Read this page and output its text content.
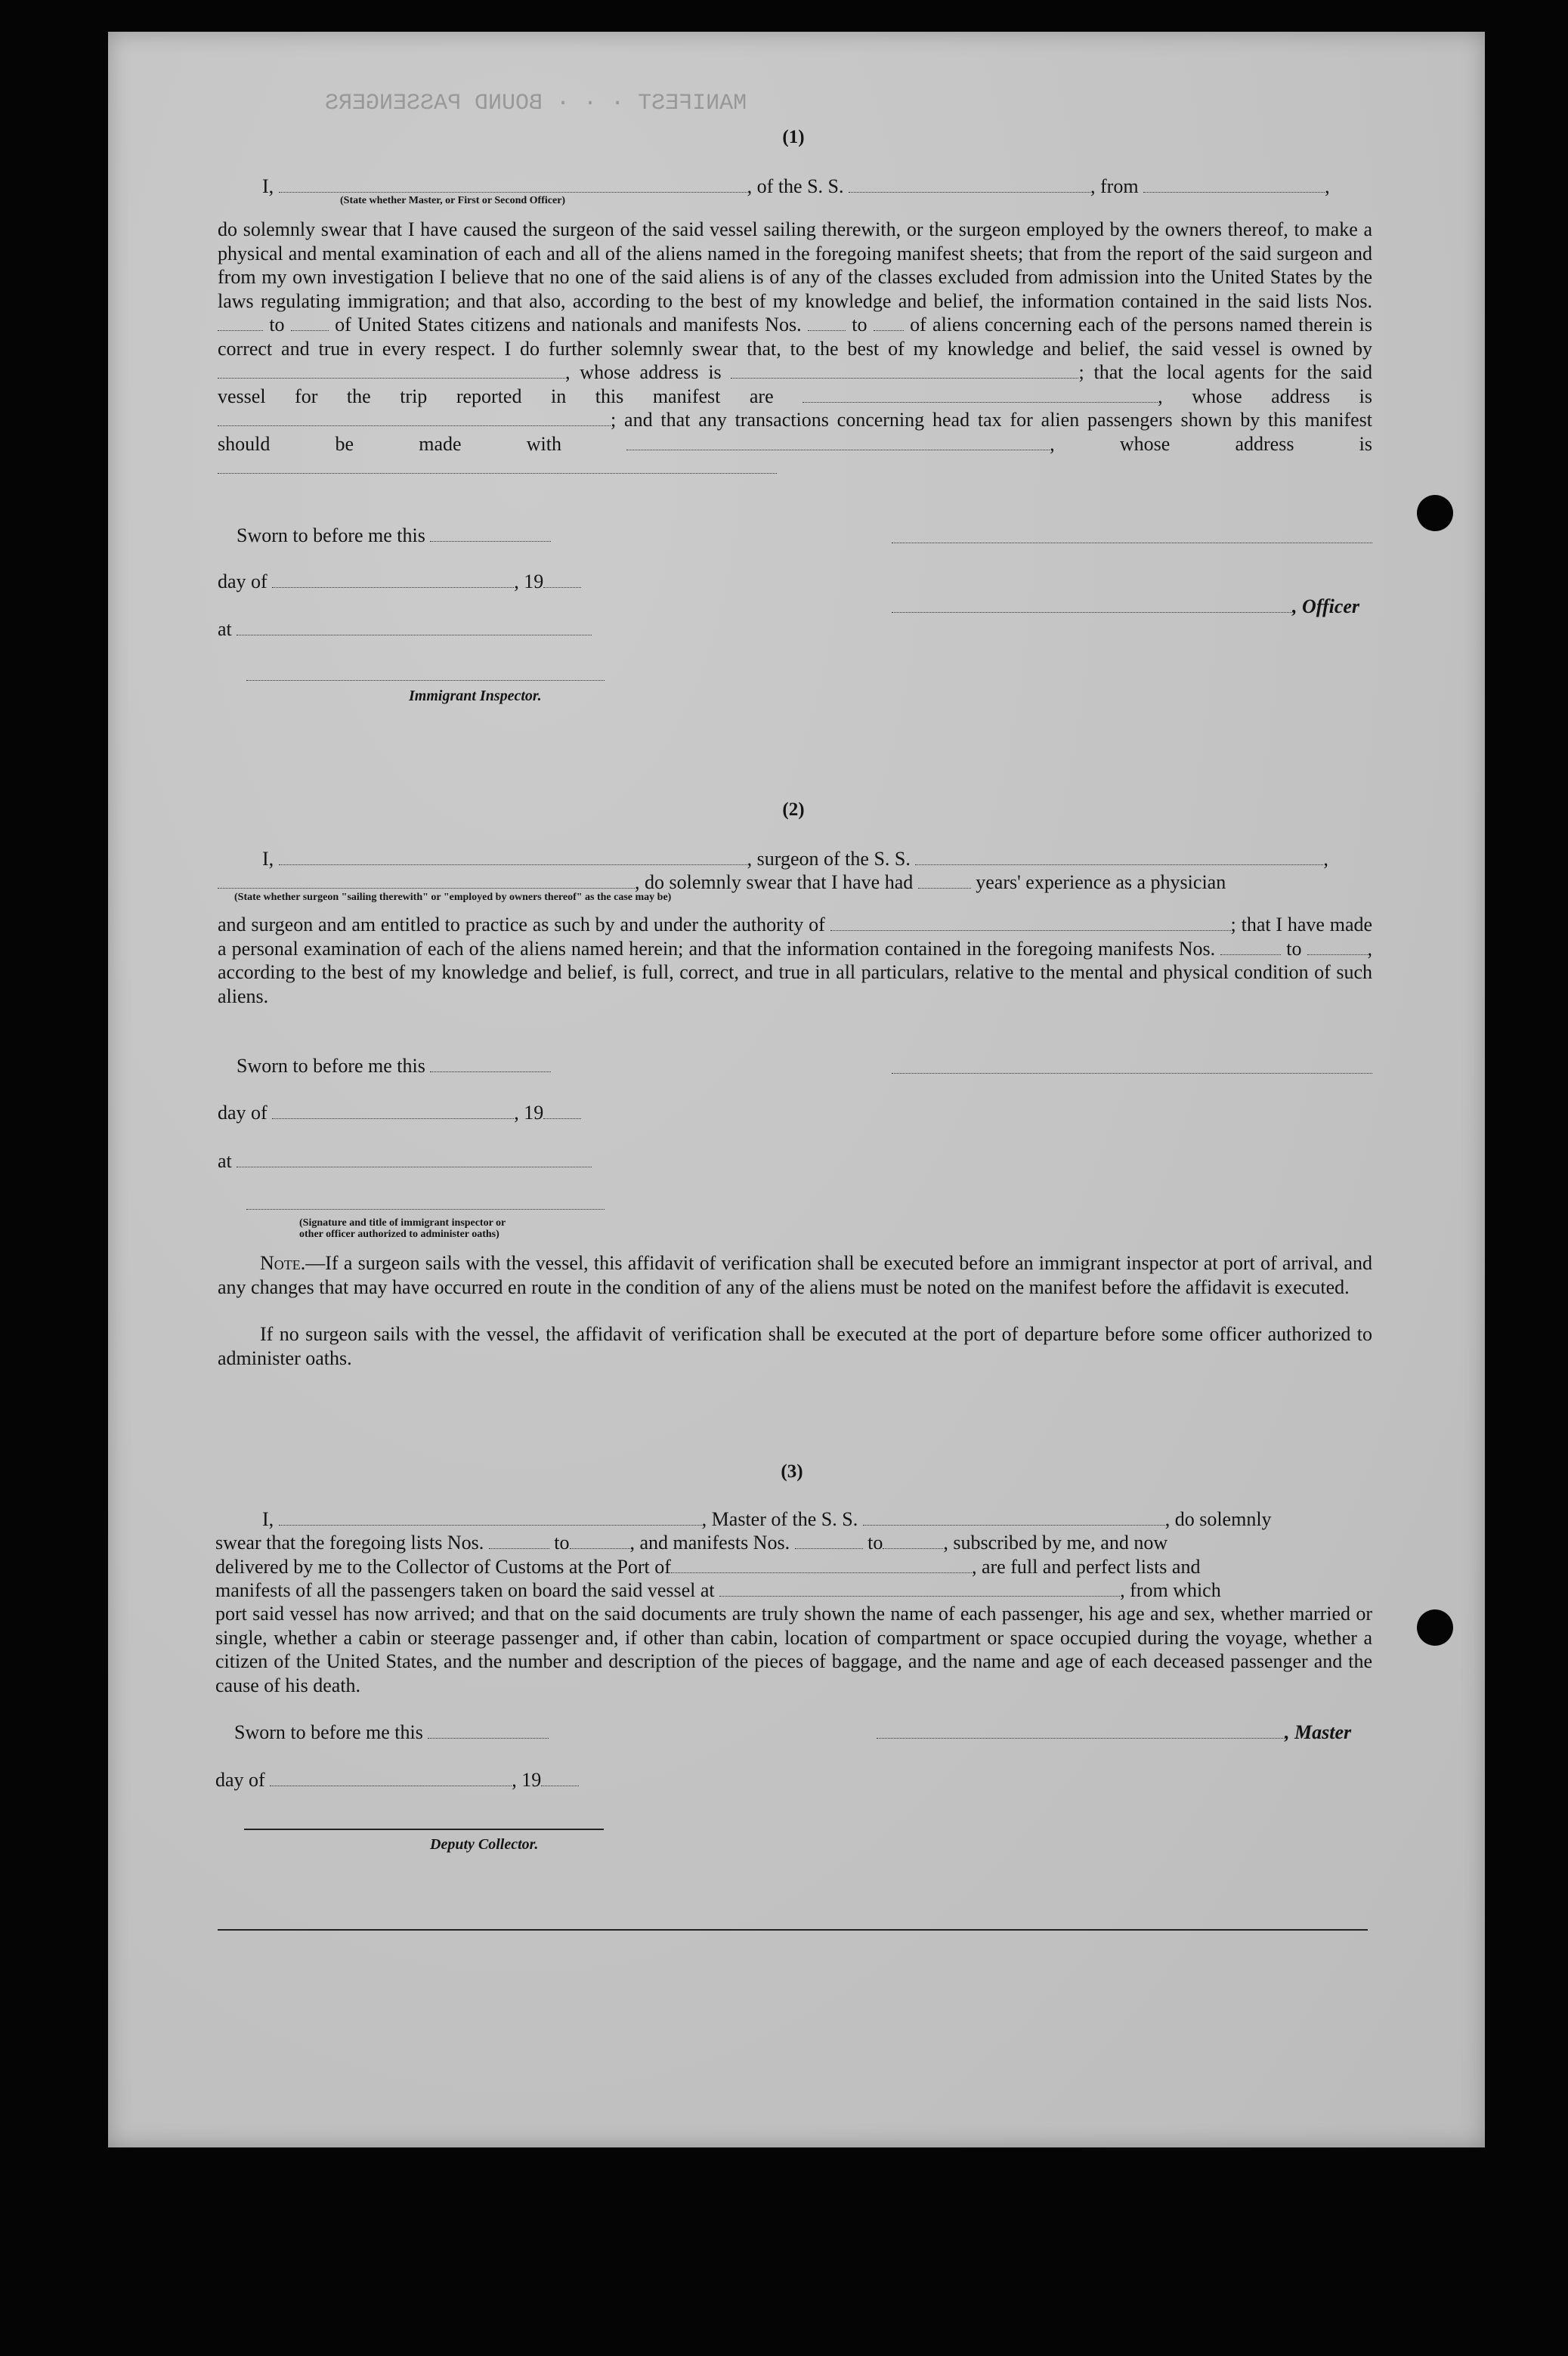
MANIFEST · · · BOUND PASSENGERS
(1)
I,	, of the S. S.	, from	,
(State whether Master, or First or Second Officer)
do solemnly swear that I have caused the surgeon of the said vessel sailing therewith, or the surgeon employed by the owners thereof, to make a physical and mental examination of each and all of the aliens named in the foregoing manifest sheets; that from the report of the said surgeon and from my own investigation I believe that no one of the said aliens is of any of the classes excluded from admission into the United States by the laws regulating immigration; and that also, according to the best of my knowledge and belief, the information contained in the said lists Nos.  to	of United States citizens and nationals and manifests Nos.	to of aliens concerning each of the persons named therein is correct and true in every respect. I do further solemnly swear that, to the best of my knowledge and belief, the said vessel is owned by , whose address is	; that the local agents for the said vessel for the trip reported in this manifest are	, whose address is ; and that any transactions concerning head tax for alien passengers shown by this manifest should be made with	, whose address is
Sworn to before me this
day of	, 19
, Officer
at
Immigrant Inspector.
(2)
I,	, surgeon of the S. S.	,
, do solemnly swear that I have had	years' experience as a physician
(State whether surgeon "sailing therewith" or "employed by owners thereof" as the case may be)
and surgeon and am entitled to practice as such by and under the authority of	; that I have made a personal examination of each of the aliens named herein; and that the information contained in the foregoing manifests Nos.	to	, according to the best of my knowledge and belief, is full, correct, and true in all particulars, relative to the mental and physical condition of such aliens.
Sworn to before me this
day of	, 19
at
(Signature and title of immigrant inspector or
other officer authorized to administer oaths)
Note.—If a surgeon sails with the vessel, this affidavit of verification shall be executed before an immigrant inspector at port of arrival, and any changes that may have occurred en route in the condition of any of the aliens must be noted on the manifest before the affidavit is executed.
If no surgeon sails with the vessel, the affidavit of verification shall be executed at the port of departure before some officer authorized to administer oaths.
(3)
I,	, Master of the S. S.	, do solemnly
swear that the foregoing lists Nos.	to	, and manifests Nos.	to	, subscribed by me, and now
delivered by me to the Collector of Customs at the Port of	, are full and perfect lists and
manifests of all the passengers taken on board the said vessel at	, from which
port said vessel has now arrived; and that on the said documents are truly shown the name of each passenger, his age and sex, whether married or single, whether a cabin or steerage passenger and, if other than cabin, location of compartment or space occupied during the voyage, whether a citizen of the United States, and the number and description of the pieces of baggage, and the name and age of each deceased passenger and the cause of his death.
Sworn to before me this	, Master
day of	, 19
Deputy Collector.
